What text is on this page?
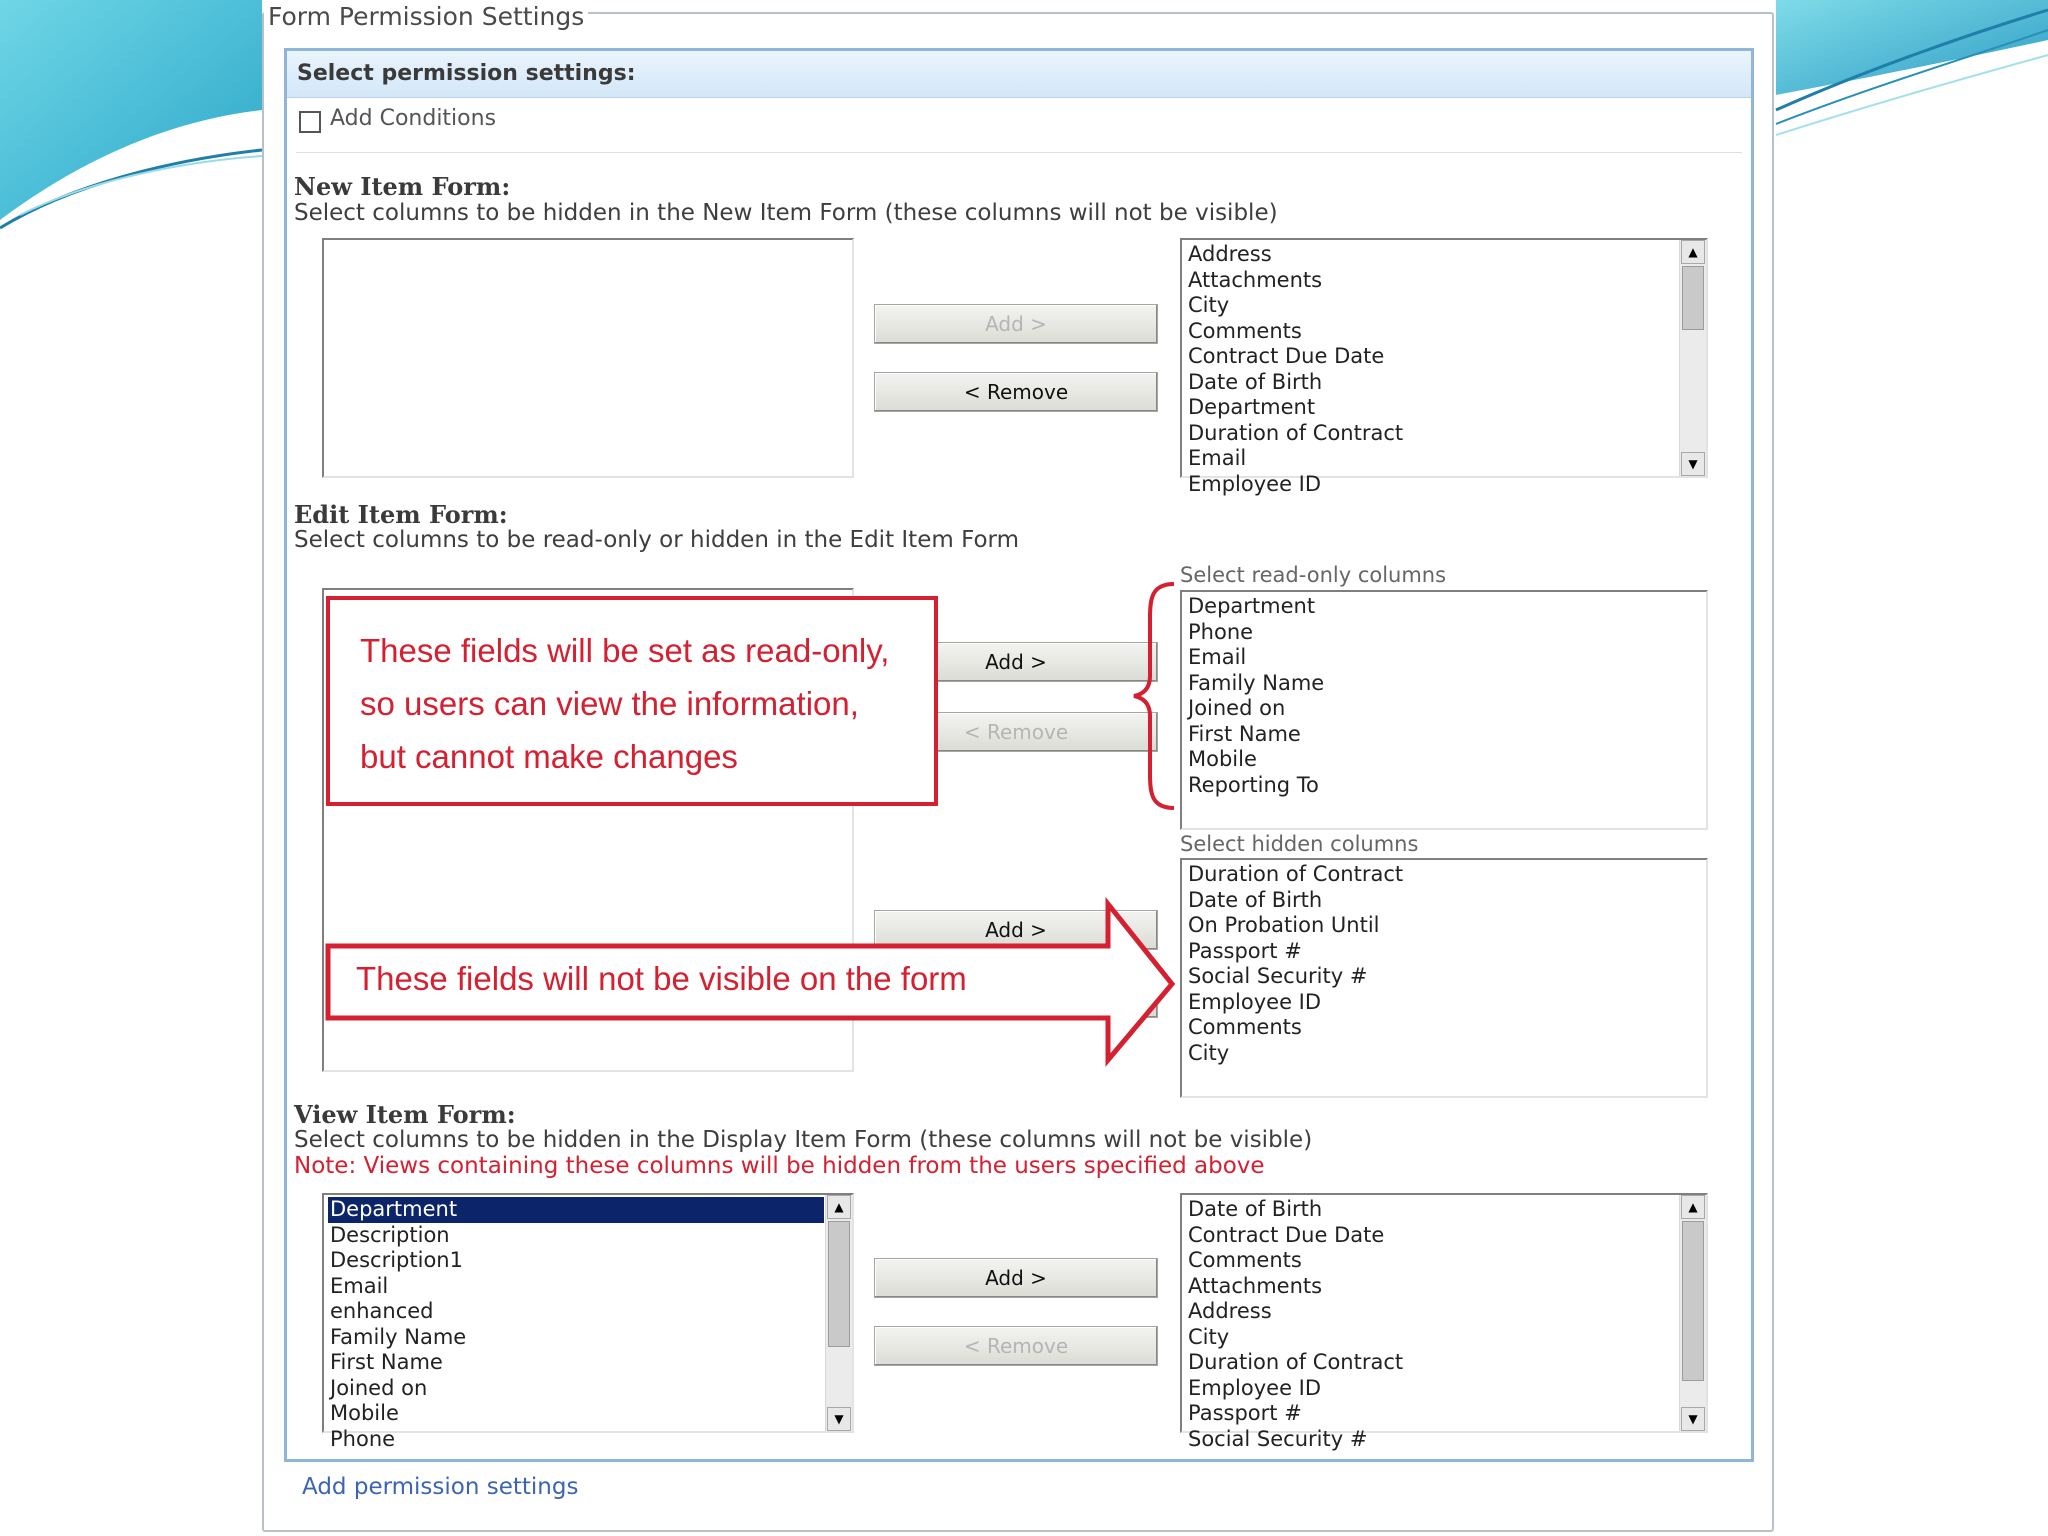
Form Permission Settings
Select permission settings:
Add Conditions
New Item Form:
Select columns to be hidden in the New Item Form (these columns will not be visible)
Add >
< Remove
Address
Attachments
City
Comments
Contract Due Date
Date of Birth
Department
Duration of Contract
Email
Employee ID
▲
▼
Edit Item Form:
Select columns to be read-only or hidden in the Edit Item Form
Select read-only columns
Department
Phone
Email
Family Name
Joined on
First Name
Mobile
Reporting To
Add >
< Remove
Select hidden columns
Duration of Contract
Date of Birth
On Probation Until
Passport #
Social Security #
Employee ID
Comments
City
Add >
These fields will be set as read-only,
so users can view the information,
but cannot make changes
These fields will not be visible on the form
View Item Form:
Select columns to be hidden in the Display Item Form (these columns will not be visible)
Note: Views containing these columns will be hidden from the users specified above
Department
Description
Description1
Email
enhanced
Family Name
First Name
Joined on
Mobile
Phone
▲
▼
Add >
< Remove
Date of Birth
Contract Due Date
Comments
Attachments
Address
City
Duration of Contract
Employee ID
Passport #
Social Security #
▲
▼
Add permission settings
